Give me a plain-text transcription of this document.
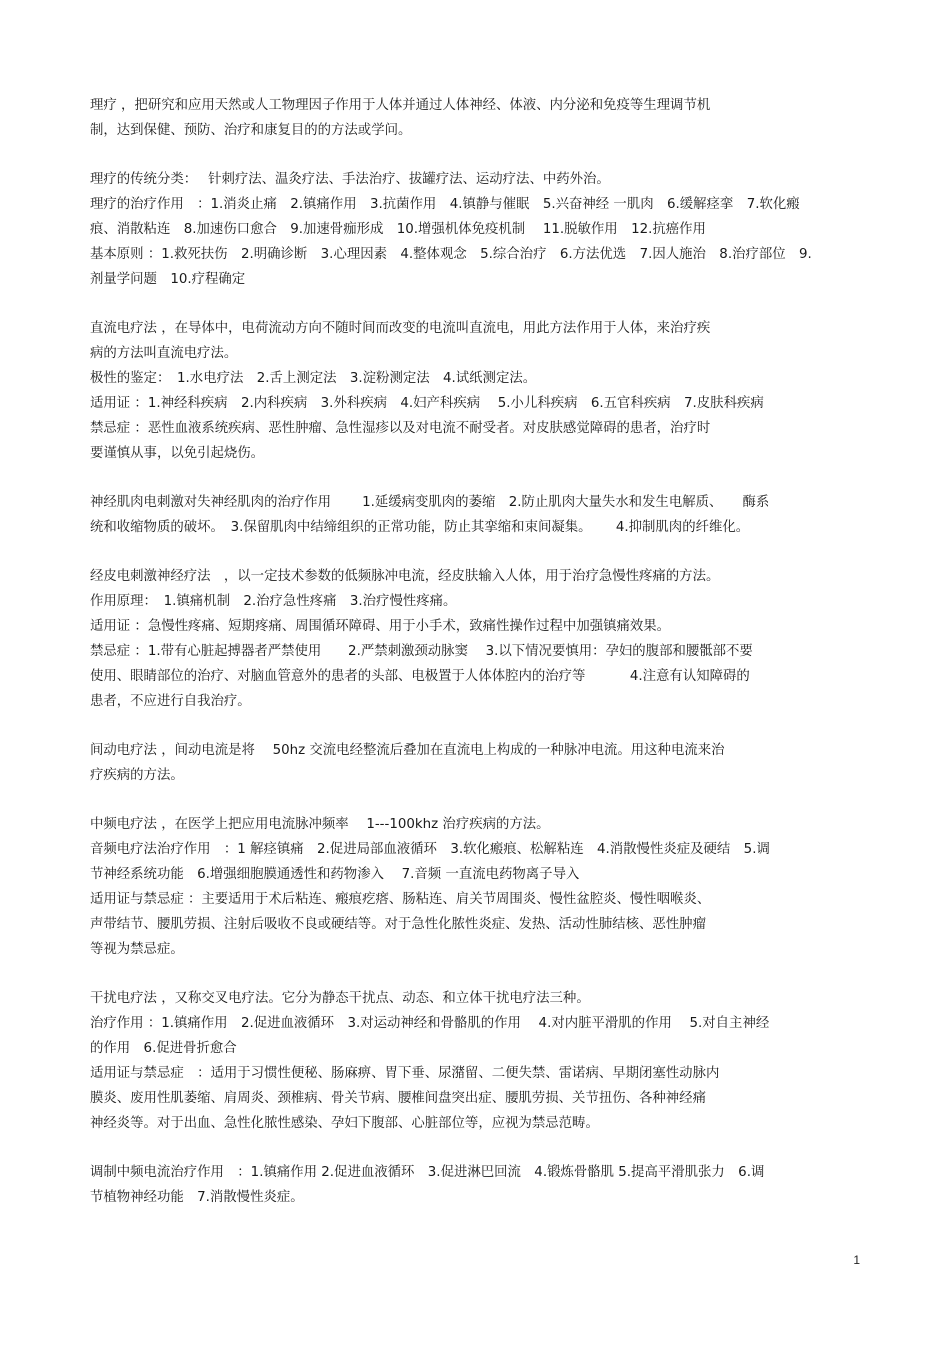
理疗 ，把研究和应用天然或人工物理因子作用于人体并通过人体神经、体液、内分泌和免疫等生理调节机
制，达到保健、预防、治疗和康复目的的方法或学问。
理疗的传统分类：　 针刺疗法、温灸疗法、手法治疗、拔罐疗法、运动疗法、中药外治。
理疗的治疗作用　：1.消炎止痛　2.镇痛作用　3.抗菌作用　4.镇静与催眠　5.兴奋神经 一肌肉　6.缓解痉挛　7.软化瘢
痕、消散粘连　8.加速伤口愈合　9.加速骨痂形成　10.增强机体免疫机制　 11.脱敏作用　12.抗癌作用
基本原则 ：1.救死扶伤　2.明确诊断　3.心理因素　4.整体观念　5.综合治疗　6.方法优选　7.因人施治　8.治疗部位　9.
剂量学问题　10.疗程确定
直流电疗法 ，在导体中，电荷流动方向不随时间而改变的电流叫直流电，用此方法作用于人体，来治疗疾
病的方法叫直流电疗法。
极性的鉴定：　1.水电疗法　2.舌上测定法　3.淀粉测定法　4.试纸测定法。
适用证 ：1.神经科疾病　2.内科疾病　3.外科疾病　4.妇产科疾病　 5.小儿科疾病　6.五官科疾病　7.皮肤科疾病
禁忌症 ：恶性血液系统疾病、恶性肿瘤、急性湿疹以及对电流不耐受者。对皮肤感觉障碍的患者，治疗时
要谨慎从事，以免引起烧伤。
神经肌肉电刺激对失神经肌肉的治疗作用　　 1.延缓病变肌肉的萎缩　2.防止肌肉大量失水和发生电解质、　　酶系
统和收缩物质的破坏。　3.保留肌肉中结缔组织的正常功能，防止其挛缩和束间凝集。　　 4.抑制肌肉的纤维化。
经皮电刺激神经疗法　，以一定技术参数的低频脉冲电流，经皮肤输入人体，用于治疗急慢性疼痛的方法。
作用原理：　1.镇痛机制　2.治疗急性疼痛　3.治疗慢性疼痛。
适用证 ：急慢性疼痛、短期疼痛、周围循环障碍、用于小手术，致痛性操作过程中加强镇痛效果。
禁忌症 ：1.带有心脏起搏器者严禁使用　　2.严禁刺激颈动脉窦　 3.以下情况要慎用：孕妇的腹部和腰骶部不要
使用、眼睛部位的治疗、对脑血管意外的患者的头部、电极置于人体体腔内的治疗等　　　 4.注意有认知障碍的
患者，不应进行自我治疗。
间动电疗法 ，间动电流是将　 50hz 交流电经整流后叠加在直流电上构成的一种脉冲电流。用这种电流来治
疗疾病的方法。
中频电疗法 ，在医学上把应用电流脉冲频率　 1---100khz 治疗疾病的方法。
音频电疗法治疗作用　：1 解痉镇痛　2.促进局部血液循环　3.软化瘢痕、松解粘连　4.消散慢性炎症及硬结　5.调
节神经系统功能　6.增强细胞膜通透性和药物渗入　 7.音频 一直流电药物离子导入
适用证与禁忌症 ：主要适用于术后粘连、瘢痕疙瘩、肠粘连、肩关节周围炎、慢性盆腔炎、慢性咽喉炎、
声带结节、腰肌劳损、注射后吸收不良或硬结等。对于急性化脓性炎症、发热、活动性肺结核、恶性肿瘤
等视为禁忌症。
干扰电疗法 ，又称交叉电疗法。它分为静态干扰点、动态、和立体干扰电疗法三种。
治疗作用 ：1.镇痛作用　2.促进血液循环　3.对运动神经和骨骼肌的作用　 4.对内脏平滑肌的作用　 5.对自主神经
的作用　6.促进骨折愈合
适用证与禁忌症　：适用于习惯性便秘、肠麻痹、胃下垂、尿潴留、二便失禁、雷诺病、早期闭塞性动脉内
膜炎、废用性肌萎缩、肩周炎、颈椎病、骨关节病、腰椎间盘突出症、腰肌劳损、关节扭伤、各种神经痛
神经炎等。对于出血、急性化脓性感染、孕妇下腹部、心脏部位等，应视为禁忌范畴。
调制中频电流治疗作用　：1.镇痛作用 2.促进血液循环　3.促进淋巴回流　4.锻炼骨骼肌 5.提高平滑肌张力　6.调
节植物神经功能　7.消散慢性炎症。
1
